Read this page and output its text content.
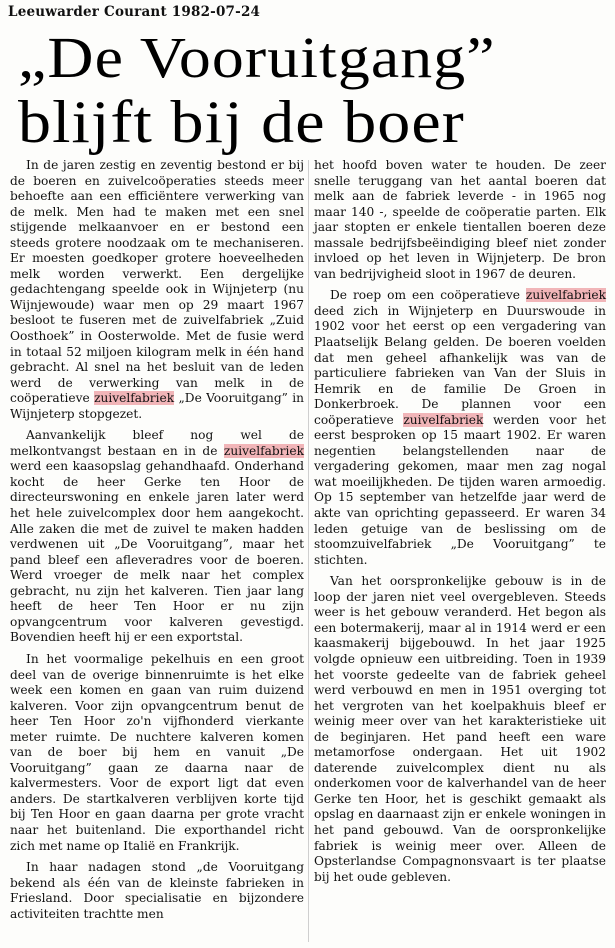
Leeuwarder Courant 1982-07-24
„De Vooruitgang”
blijft bij de boer

In de jaren zestig en zeventig bestond er bij de boeren en zuivelcoöperaties steeds meer behoefte aan een efficiëntere verwerking van de melk. Men had te maken met een snel stijgende melkaanvoer en er bestond een steeds grotere noodzaak om te mechaniseren. Er moesten goedkoper grotere hoeveelheden melk worden verwerkt. Een dergelijke gedachtengang speelde ook in Wijnjeterp (nu Wijnjewoude) waar men op 29 maart 1967 besloot te fuseren met de zuivelfabriek „Zuid Oosthoek” in Oosterwolde. Met de fusie werd in totaal 52 miljoen kilogram melk in één hand gebracht. Al snel na het besluit van de leden werd de verwerking van melk in de coöperatieve zuivelfabriek „De Vooruitgang” in Wijnjeterp stopgezet.

Aanvankelijk bleef nog wel de melkontvangst bestaan en in de zuivelfabriek werd een kaasopslag gehandhaafd. Onderhand kocht de heer Gerke ten Hoor de directeurswoning en enkele jaren later werd het hele zuivelcomplex door hem aangekocht. Alle zaken die met de zuivel te maken hadden verdwenen uit „De Vooruitgang”, maar het pand bleef een afleveradres voor de boeren. Werd vroeger de melk naar het complex gebracht, nu zijn het kalveren. Tien jaar lang heeft de heer Ten Hoor er nu zijn opvangcentrum voor kalveren gevestigd. Bovendien heeft hij er een exportstal.

In het voormalige pekelhuis en een groot deel van de overige binnenruimte is het elke week een komen en gaan van ruim duizend kalveren. Voor zijn opvangcentrum benut de heer Ten Hoor zo'n vijfhonderd vierkante meter ruimte. De nuchtere kalveren komen van de boer bij hem en vanuit „De Vooruitgang” gaan ze daarna naar de kalvermesters. Voor de export ligt dat even anders. De startkalveren verblijven korte tijd bij Ten Hoor en gaan daarna per grote vracht naar het buitenland. Die exporthandel richt zich met name op Italië en Frankrijk.

In haar nadagen stond „de Vooruitgang bekend als één van de kleinste fabrieken in Friesland. Door specialisatie en bijzondere activiteiten trachtte men

het hoofd boven water te houden. De zeer snelle teruggang van het aantal boeren dat melk aan de fabriek leverde - in 1965 nog maar 140 -, speelde de coöperatie parten. Elk jaar stopten er enkele tientallen boeren deze massale bedrijfsbeëindiging bleef niet zonder invloed op het leven in Wijnjeterp. De bron van bedrijvigheid sloot in 1967 de deuren.

De roep om een coöperatieve zuivelfabriek deed zich in Wijnjeterp en Duurswoude in 1902 voor het eerst op een vergadering van Plaatselijk Belang gelden. De boeren voelden dat men geheel afhankelijk was van de particuliere fabrieken van Van der Sluis in Hemrik en de familie De Groen in Donkerbroek. De plannen voor een coöperatieve zuivelfabriek werden voor het eerst besproken op 15 maart 1902. Er waren negentien belangstellenden naar de vergadering gekomen, maar men zag nogal wat moeilijkheden. De tijden waren armoedig. Op 15 september van hetzelfde jaar werd de akte van oprichting gepasseerd. Er waren 34 leden getuige van de beslissing om de stoomzuivelfabriek „De Vooruitgang” te stichten.

Van het oorspronkelijke gebouw is in de loop der jaren niet veel overgebleven. Steeds weer is het gebouw veranderd. Het begon als een botermakerij, maar al in 1914 werd er een kaasmakerij bijgebouwd. In het jaar 1925 volgde opnieuw een uitbreiding. Toen in 1939 het voorste gedeelte van de fabriek geheel werd verbouwd en men in 1951 overging tot het vergroten van het koelpakhuis bleef er weinig meer over van het karakteristieke uit de beginjaren. Het pand heeft een ware metamorfose ondergaan. Het uit 1902 daterende zuivelcomplex dient nu als onderkomen voor de kalverhandel van de heer Gerke ten Hoor, het is geschikt gemaakt als opslag en daarnaast zijn er enkele woningen in het pand gebouwd. Van de oorspronkelijke fabriek is weinig meer over. Alleen de Opsterlandse Compagnonsvaart is ter plaatse bij het oude gebleven.
